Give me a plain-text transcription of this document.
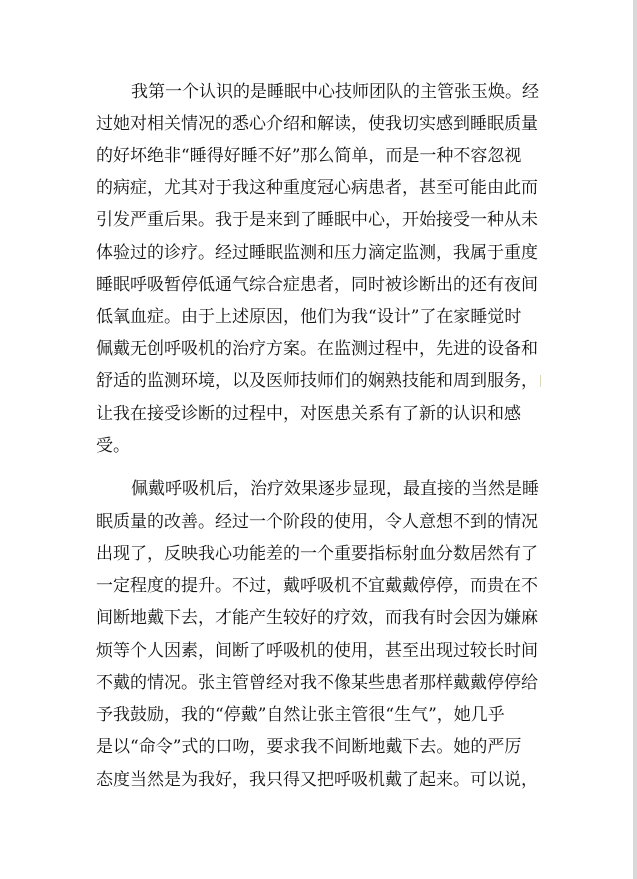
我第一个认识的是睡眠中心技师团队的主管张玉焕。经
过她对相关情况的悉心介绍和解读，使我切实感到睡眠质量
的好坏绝非“睡得好睡不好”那么简单，而是一种不容忽视
的病症，尤其对于我这种重度冠心病患者，甚至可能由此而
引发严重后果。我于是来到了睡眠中心，开始接受一种从未
体验过的诊疗。经过睡眠监测和压力滴定监测，我属于重度
睡眠呼吸暂停低通气综合症患者，同时被诊断出的还有夜间
低氧血症。由于上述原因，他们为我“设计”了在家睡觉时
佩戴无创呼吸机的治疗方案。在监测过程中，先进的设备和
舒适的监测环境，以及医师技师们的娴熟技能和周到服务，
让我在接受诊断的过程中，对医患关系有了新的认识和感
受。
佩戴呼吸机后，治疗效果逐步显现，最直接的当然是睡
眠质量的改善。经过一个阶段的使用，令人意想不到的情况
出现了，反映我心功能差的一个重要指标射血分数居然有了
一定程度的提升。不过，戴呼吸机不宜戴戴停停，而贵在不
间断地戴下去，才能产生较好的疗效，而我有时会因为嫌麻
烦等个人因素，间断了呼吸机的使用，甚至出现过较长时间
不戴的情况。张主管曾经对我不像某些患者那样戴戴停停给
予我鼓励，我的“停戴”自然让张主管很“生气”，她几乎
是以“命令”式的口吻，要求我不间断地戴下去。她的严厉
态度当然是为我好，我只得又把呼吸机戴了起来。可以说，
